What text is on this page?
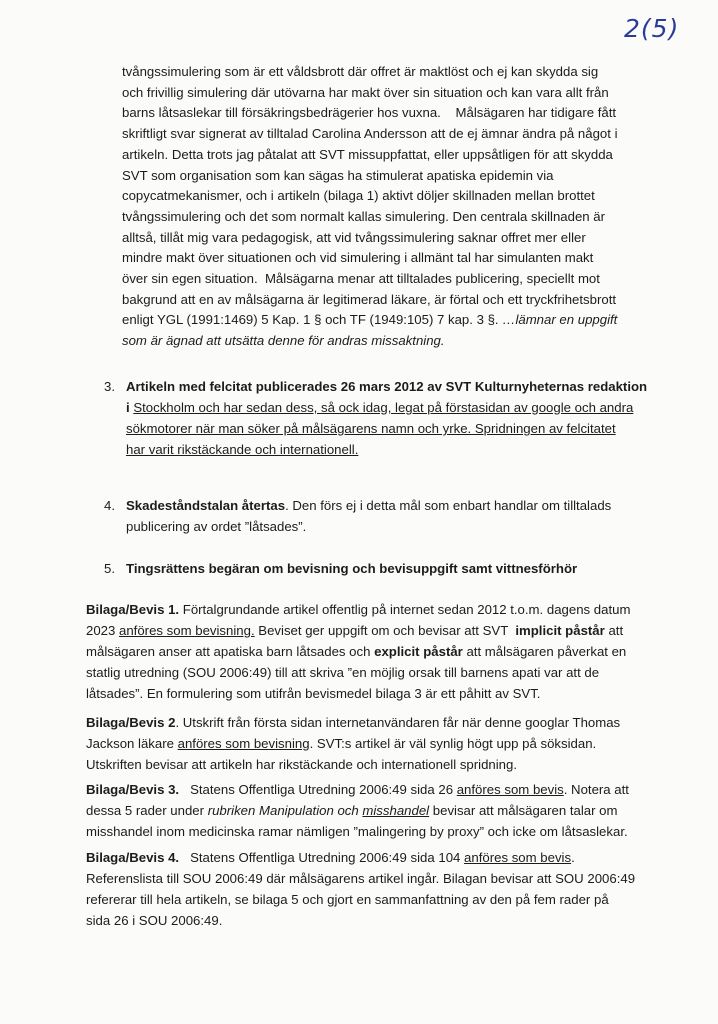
2(5)
tvångssimulering som är ett våldsbrott där offret är maktlöst och ej kan skydda sig
och frivillig simulering där utövarna har makt över sin situation och kan vara allt från
barns låtsaslekar till försäkringsbedrägerier hos vuxna.    Målsägaren har tidigare fått
skriftligt svar signerat av tilltalad Carolina Andersson att de ej ämnar ändra på något i
artikeln. Detta trots jag påtalat att SVT missuppfattat, eller uppsåtligen för att skydda
SVT som organisation som kan sägas ha stimulerat apatiska epidemin via
copycatmekanismer, och i artikeln (bilaga 1) aktivt döljer skillnaden mellan brottet
tvångssimulering och det som normalt kallas simulering. Den centrala skillnaden är
alltså, tillåt mig vara pedagogisk, att vid tvångssimulering saknar offret mer eller
mindre makt över situationen och vid simulering i allmänt tal har simulanten makt
över sin egen situation.  Målsägarna menar att tilltalades publicering, speciellt mot
bakgrund att en av målsägarna är legitimerad läkare, är förtal och ett tryckfrihetsbrott
enligt YGL (1991:1469) 5 Kap. 1 § och TF (1949:105) 7 kap. 3 §. …lämnar en uppgift
som är ägnad att utsätta denne för andras missaktning.
3. Artikeln med felcitat publicerades 26 mars 2012 av SVT Kulturnyheternas redaktion
i Stockholm och har sedan dess, så ock idag, legat på förstasidan av google och andra
sökmotorer när man söker på målsägarens namn och yrke. Spridningen av felcitatet
har varit rikstäckande och internationell.
4. Skadeståndstalan återtas. Den förs ej i detta mål som enbart handlar om tilltalads
publicering av ordet ”låtsades”.
5. Tingsrättens begäran om bevisning och bevisuppgift samt vittnesförhör
Bilaga/Bevis 1. Förtalgrundande artikel offentlig på internet sedan 2012 t.o.m. dagens datum
2023 anföres som bevisning. Beviset ger uppgift om och bevisar att SVT  implicit påstår att
målsägaren anser att apatiska barn låtsades och explicit påstår att målsägaren påverkat en
statlig utredning (SOU 2006:49) till att skriva ”en möjlig orsak till barnens apati var att de
låtsades”. En formulering som utifrån bevismedel bilaga 3 är ett påhitt av SVT.
Bilaga/Bevis 2. Utskrift från första sidan internetanvändaren får när denne googlar Thomas
Jackson läkare anföres som bevisning. SVT:s artikel är väl synlig högt upp på söksidan.
Utskriften bevisar att artikeln har rikstäckande och internationell spridning.
Bilaga/Bevis 3.   Statens Offentliga Utredning 2006:49 sida 26 anföres som bevis. Notera att
dessa 5 rader under rubriken Manipulation och misshandel bevisar att målsägaren talar om
misshandel inom medicinska ramar nämligen ”malingering by proxy” och icke om låtsaslekar.
Bilaga/Bevis 4.   Statens Offentliga Utredning 2006:49 sida 104 anföres som bevis.
Referenslista till SOU 2006:49 där målsägarens artikel ingår. Bilagan bevisar att SOU 2006:49
refererar till hela artikeln, se bilaga 5 och gjort en sammanfattning av den på fem rader på
sida 26 i SOU 2006:49.
